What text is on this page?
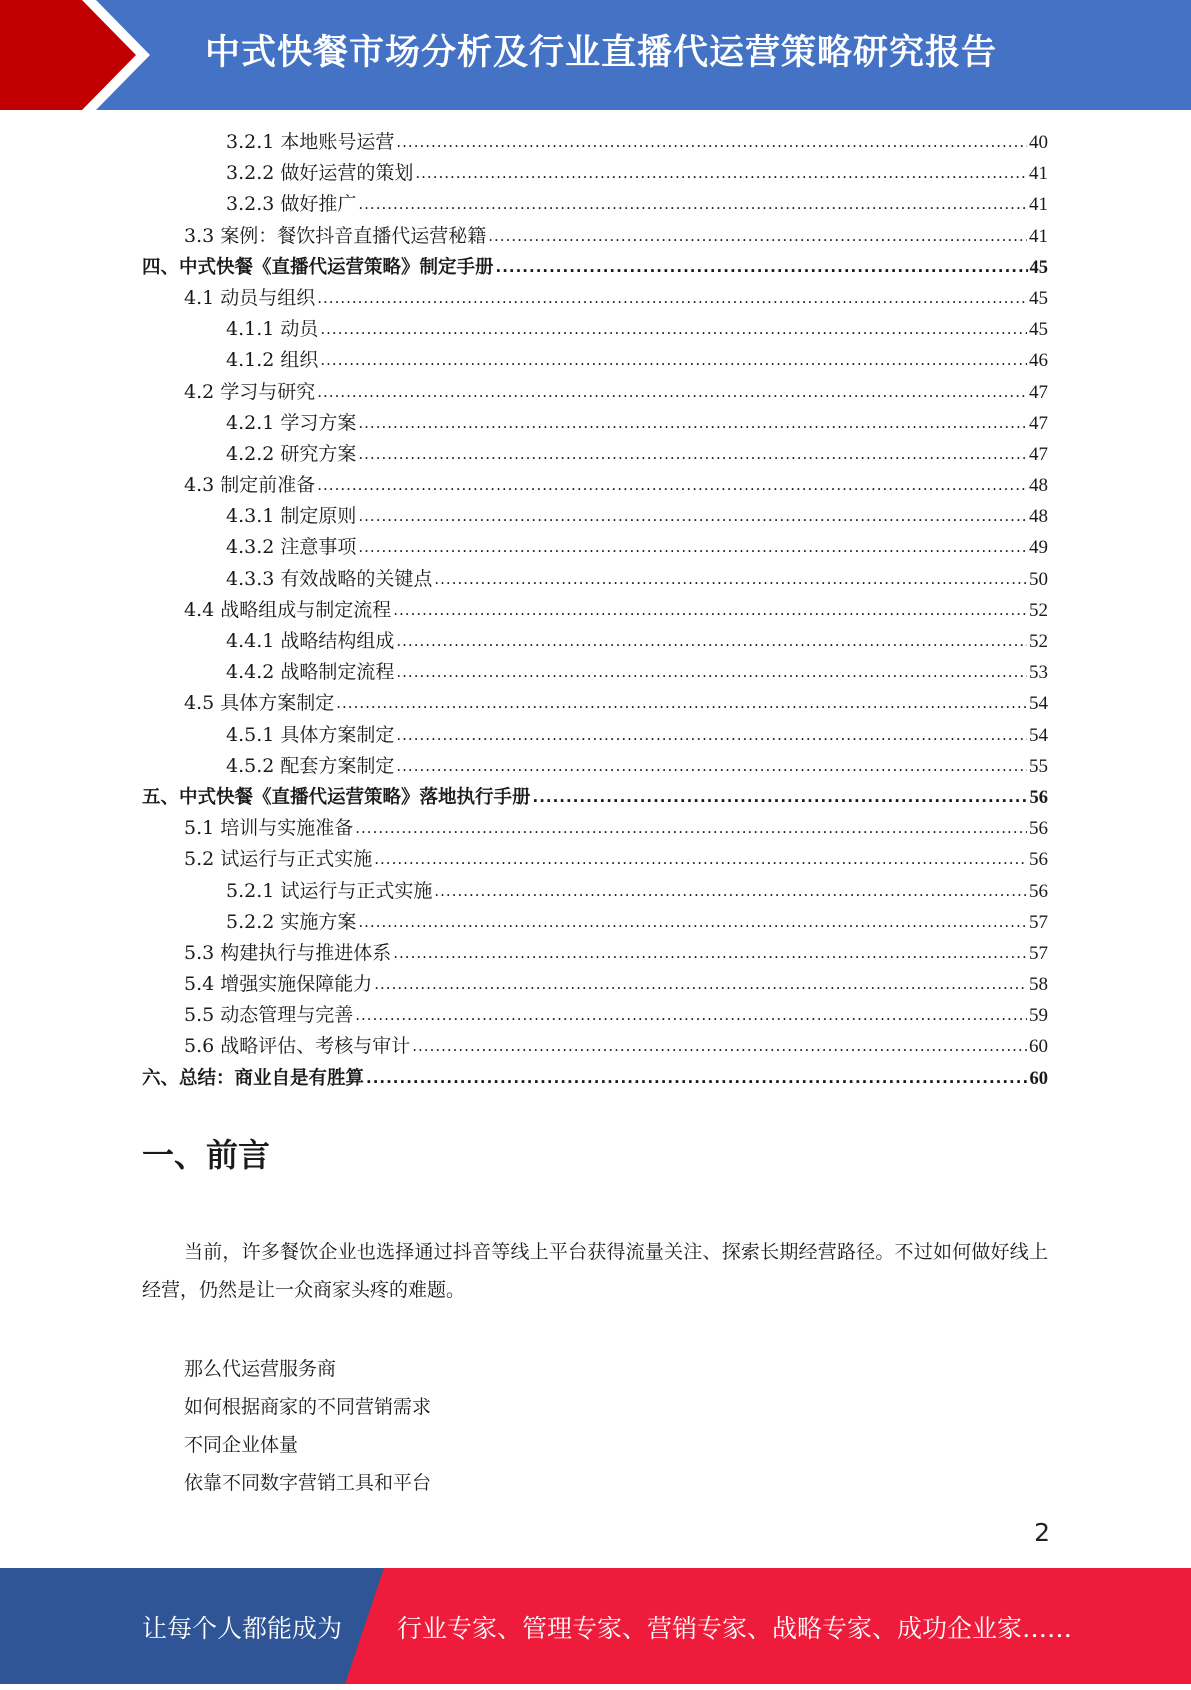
中式快餐市场分析及行业直播代运营策略研究报告
3.2.1 本地账号运营 .....	40
3.2.2 做好运营的策划 .....	41
3.2.3 做好推广 .....	41
3.3 案例：餐饮抖音直播代运营秘籍 .....	41
四、中式快餐《直播代运营策略》制定手册 .....	45
4.1 动员与组织 .....	45
4.1.1 动员 .....	45
4.1.2 组织 .....	46
4.2 学习与研究 .....	47
4.2.1 学习方案 .....	47
4.2.2 研究方案 .....	47
4.3 制定前准备 .....	48
4.3.1 制定原则 .....	48
4.3.2 注意事项 .....	49
4.3.3 有效战略的关键点 .....	50
4.4 战略组成与制定流程 .....	52
4.4.1 战略结构组成 .....	52
4.4.2 战略制定流程 .....	53
4.5 具体方案制定 .....	54
4.5.1 具体方案制定 .....	54
4.5.2 配套方案制定 .....	55
五、中式快餐《直播代运营策略》落地执行手册 .....	56
5.1 培训与实施准备 .....	56
5.2 试运行与正式实施 .....	56
5.2.1 试运行与正式实施 .....	56
5.2.2 实施方案 .....	57
5.3 构建执行与推进体系 .....	57
5.4 增强实施保障能力 .....	58
5.5 动态管理与完善 .....	59
5.6 战略评估、考核与审计 .....	60
六、总结：商业自是有胜算 .....	60
一、前言
当前，许多餐饮企业也选择通过抖音等线上平台获得流量关注、探索长期经营路径。不过如何做好线上经营，仍然是让一众商家头疼的难题。
那么代运营服务商
如何根据商家的不同营销需求
不同企业体量
依靠不同数字营销工具和平台
2
让每个人都能成为 行业专家、管理专家、营销专家、战略专家、成功企业家……
